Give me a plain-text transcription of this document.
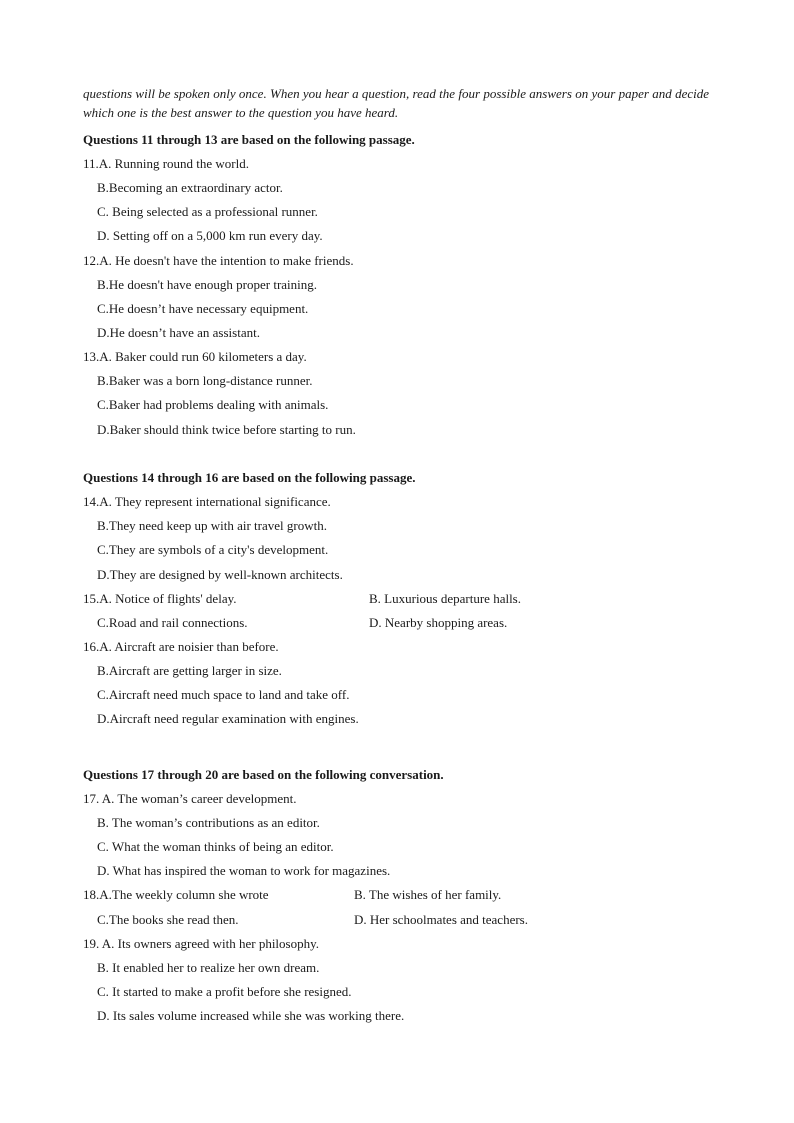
questions will be spoken only once. When you hear a question, read the four possible answers on your paper and decide which one is the best answer to the question you have heard.
Questions 11 through 13 are based on the following passage.
11.A. Running round the world.
B.Becoming an extraordinary actor.
C. Being selected as a professional runner.
D. Setting off on a 5,000 km run every day.
12.A. He doesn't have the intention to make friends.
B.He doesn't have enough proper training.
C.He doesn’t have necessary equipment.
D.He doesn’t have an assistant.
13.A. Baker could run 60 kilometers a day.
B.Baker was a born long-distance runner.
C.Baker had problems dealing with animals.
D.Baker should think twice before starting to run.
Questions 14 through 16 are based on the following passage.
14.A. They represent international significance.
B.They need keep up with air travel growth.
C.They are symbols of a city's development.
D.They are designed by well-known architects.
15.A. Notice of flights' delay.	B. Luxurious departure halls.
C.Road and rail connections.	D. Nearby shopping areas.
16.A. Aircraft are noisier than before.
B.Aircraft are getting larger in size.
C.Aircraft need much space to land and take off.
D.Aircraft need regular examination with engines.
Questions 17 through 20 are based on the following conversation.
17. A. The woman’s career development.
B. The woman’s contributions as an editor.
C. What the woman thinks of being an editor.
D. What has inspired the woman to work for magazines.
18.A.The weekly column she wrote	B. The wishes of her family.
C.The books she read then.	D. Her schoolmates and teachers.
19. A. Its owners agreed with her philosophy.
B. It enabled her to realize her own dream.
C. It started to make a profit before she resigned.
D. Its sales volume increased while she was working there.
